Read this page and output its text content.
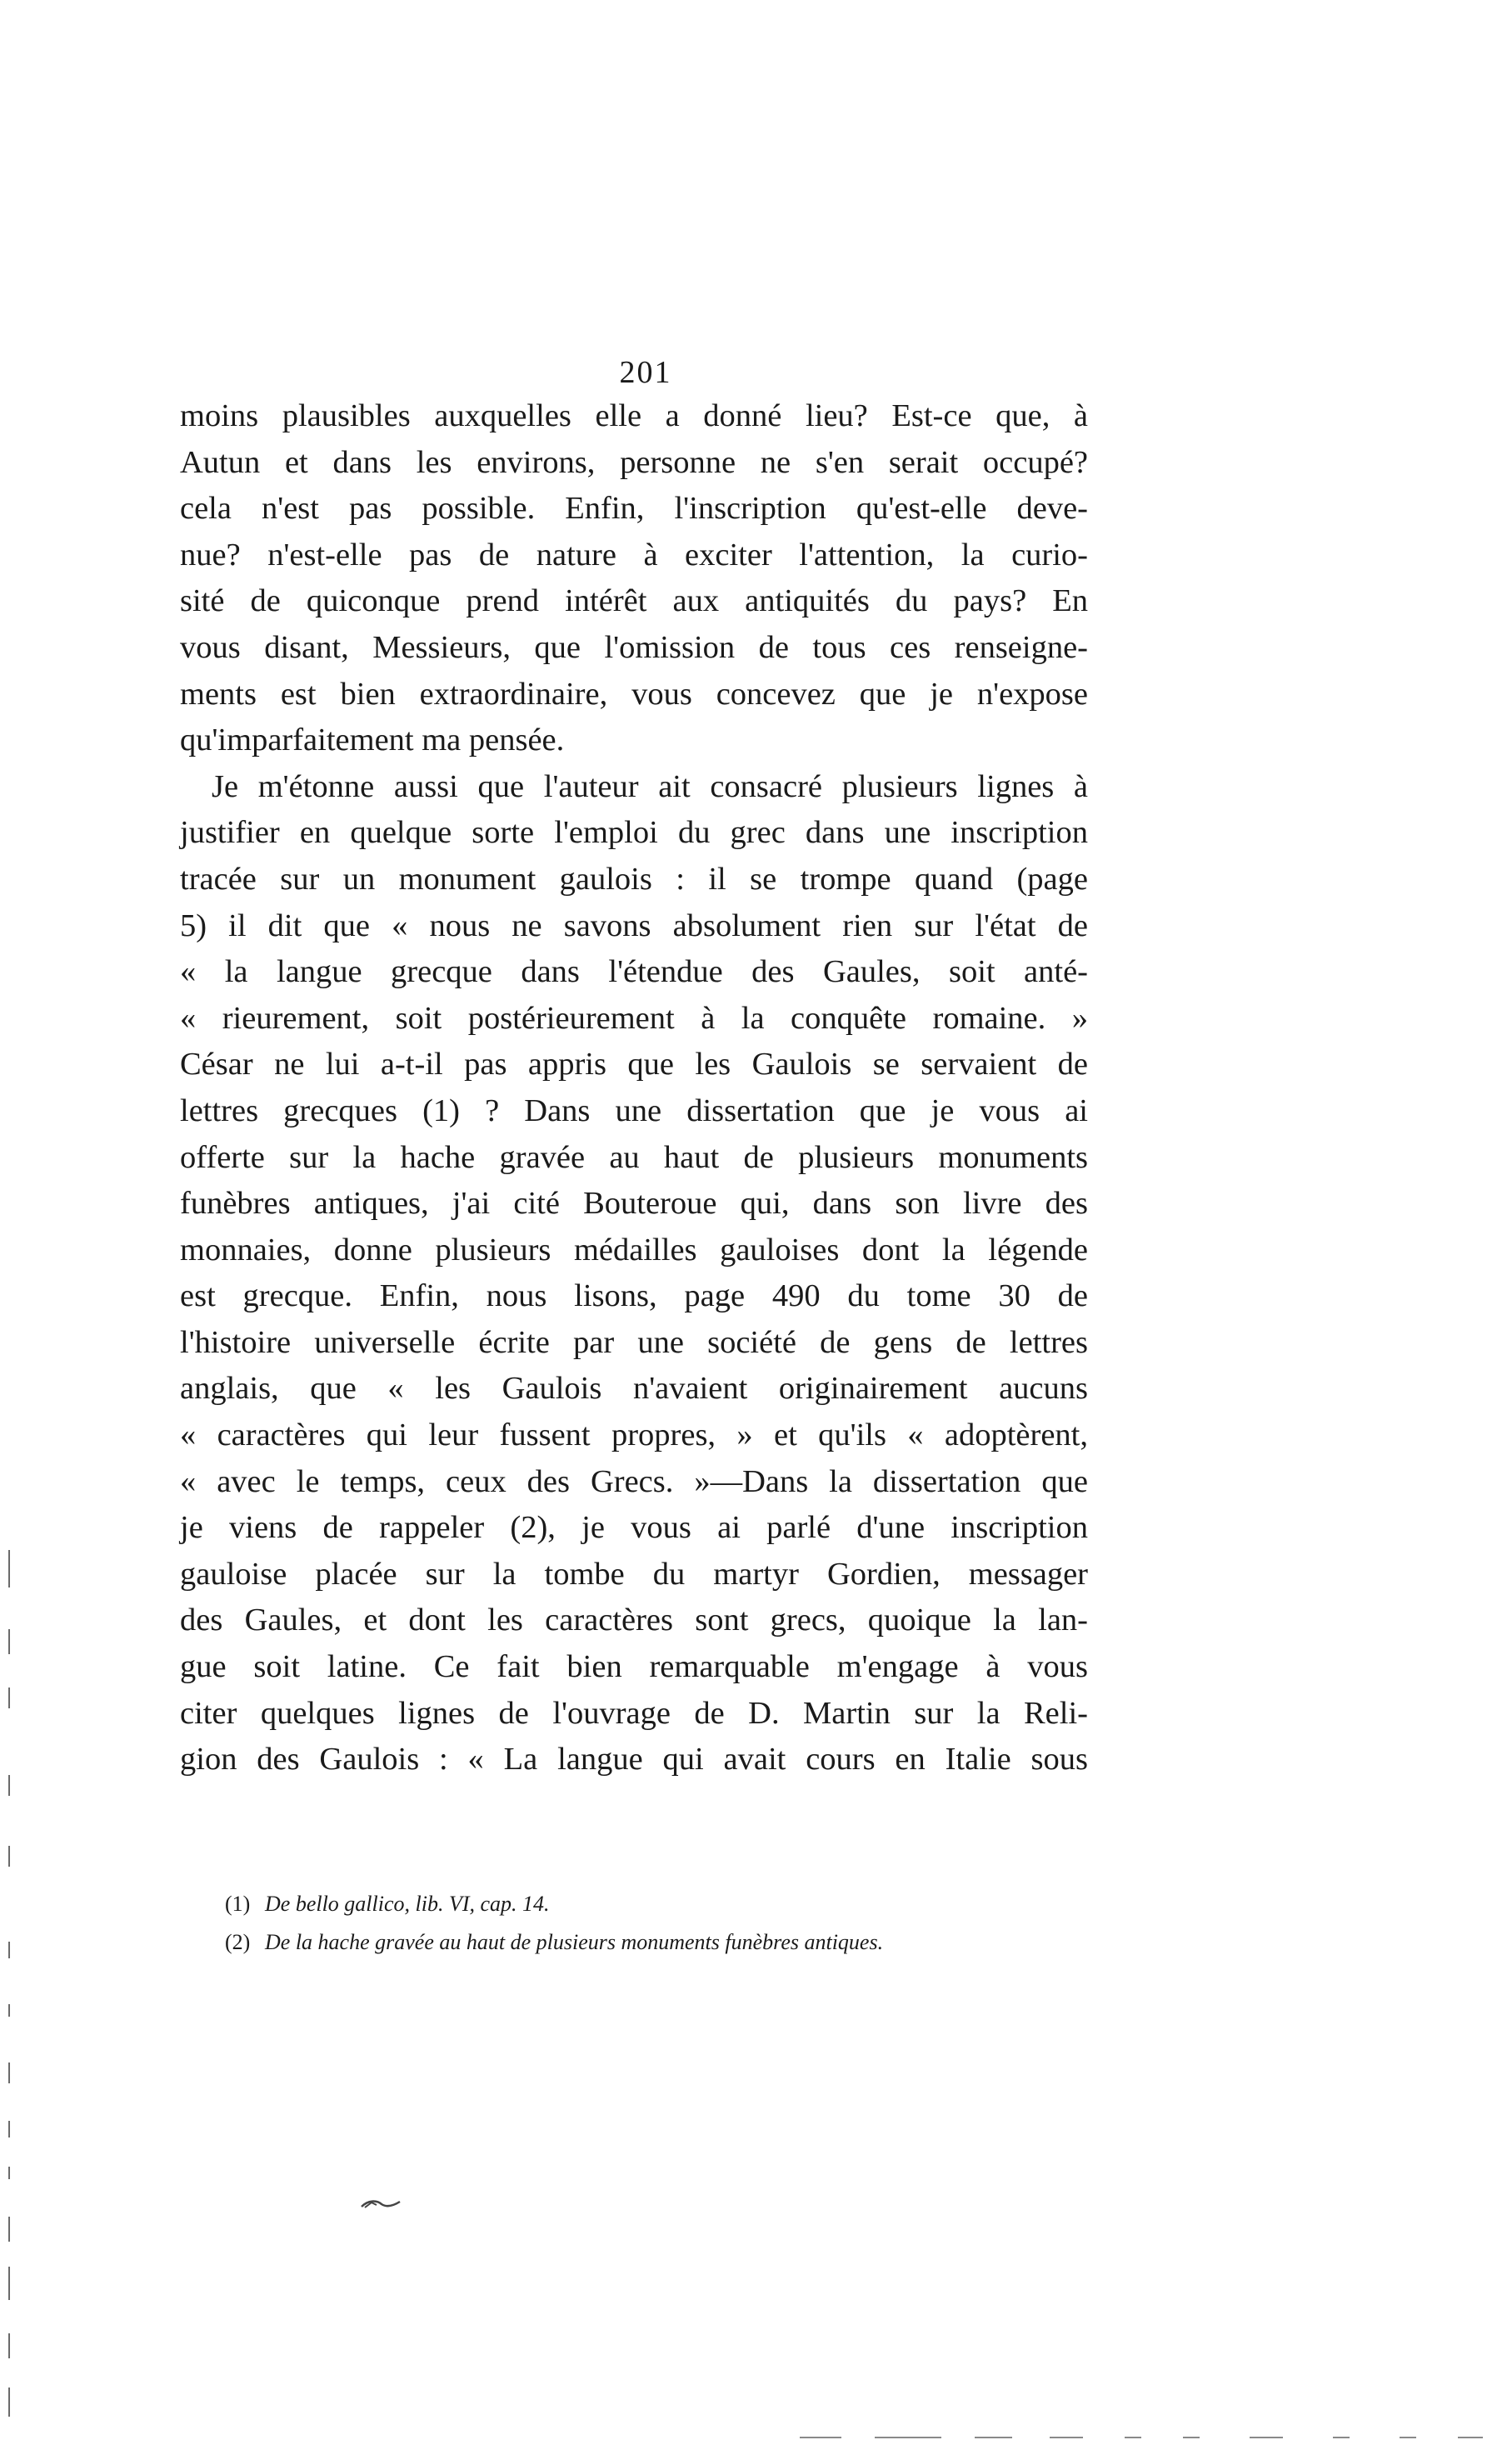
201
moins plausibles auxquelles elle a donné lieu? Est-ce que, à
Autun et dans les environs, personne ne s'en serait occupé?
cela n'est pas possible. Enfin, l'inscription qu'est-elle deve-
nue? n'est-elle pas de nature à exciter l'attention, la curio-
sité de quiconque prend intérêt aux antiquités du pays? En
vous disant, Messieurs, que l'omission de tous ces renseigne-
ments est bien extraordinaire, vous concevez que je n'expose
qu'imparfaitement ma pensée.
Je m'étonne aussi que l'auteur ait consacré plusieurs lignes à
justifier en quelque sorte l'emploi du grec dans une inscription
tracée sur un monument gaulois : il se trompe quand (page
5) il dit que « nous ne savons absolument rien sur l'état de
« la langue grecque dans l'étendue des Gaules, soit anté-
« rieurement, soit postérieurement à la conquête romaine. »
César ne lui a-t-il pas appris que les Gaulois se servaient de
lettres grecques (1) ? Dans une dissertation que je vous ai
offerte sur la hache gravée au haut de plusieurs monuments
funèbres antiques, j'ai cité Bouteroue qui, dans son livre des
monnaies, donne plusieurs médailles gauloises dont la légende
est grecque. Enfin, nous lisons, page 490 du tome 30 de
l'histoire universelle écrite par une société de gens de lettres
anglais, que « les Gaulois n'avaient originairement aucuns
« caractères qui leur fussent propres, » et qu'ils « adoptèrent,
« avec le temps, ceux des Grecs. »—Dans la dissertation que
je viens de rappeler (2), je vous ai parlé d'une inscription
gauloise placée sur la tombe du martyr Gordien, messager
des Gaules, et dont les caractères sont grecs, quoique la lan-
gue soit latine. Ce fait bien remarquable m'engage à vous
citer quelques lignes de l'ouvrage de D. Martin sur la Reli-
gion des Gaulois : « La langue qui avait cours en Italie sous
(1) De bello gallico, lib. VI, cap. 14.
(2) De la hache gravée au haut de plusieurs monuments funèbres antiques.
